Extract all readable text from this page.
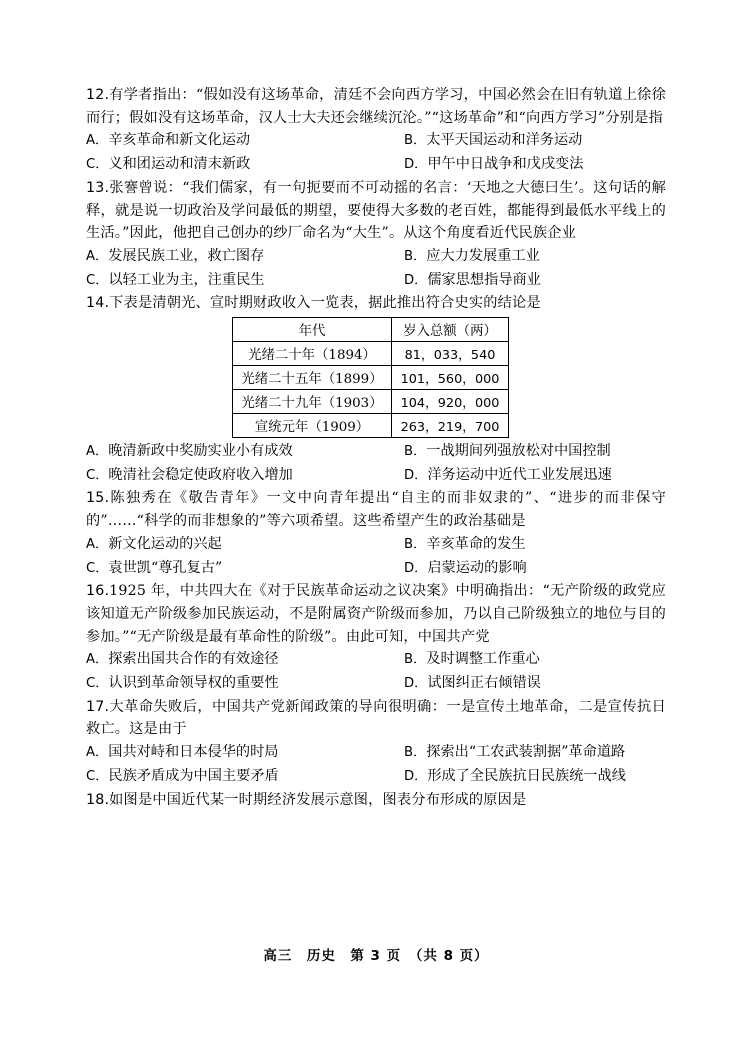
12.有学者指出：“假如没有这场革命，清廷不会向西方学习，中国必然会在旧有轨道上徐徐而行；假如没有这场革命，汉人士大夫还会继续沉沦。”“这场革命”和“向西方学习”分别是指

A．辛亥革命和新文化运动	B．太平天国运动和洋务运动
C．义和团运动和清末新政	D．甲午中日战争和戊戌变法

13.张謇曾说：“我们儒家，有一句扼要而不可动摇的名言：‘天地之大德曰生’。这句话的解释，就是说一切政治及学问最低的期望，要使得大多数的老百姓，都能得到最低水平线上的生活。”因此，他把自己创办的纱厂命名为“大生”。从这个角度看近代民族企业

A．发展民族工业，救亡图存	B．应大力发展重工业
C．以轻工业为主，注重民生	D．儒家思想指导商业

14.下表是清朝光、宣时期财政收入一览表，据此推出符合史实的结论是

年代	岁入总额（两）
光绪二十年（1894）	81，033，540
光绪二十五年（1899）	101，560，000
光绪二十九年（1903）	104，920，000
宣统元年（1909）	263，219，700
A．晚清新政中奖励实业小有成效	B．一战期间列强放松对中国控制
C．晚清社会稳定使政府收入增加	D．洋务运动中近代工业发展迅速

15.陈独秀在《敬告青年》一文中向青年提出“自主的而非奴隶的”、“进步的而非保守的”……“科学的而非想象的”等六项希望。这些希望产生的政治基础是

A．新文化运动的兴起	B．辛亥革命的发生
C．袁世凯“尊孔复古”	D．启蒙运动的影响

16.1925 年，中共四大在《对于民族革命运动之议决案》中明确指出：“无产阶级的政党应该知道无产阶级参加民族运动，不是附属资产阶级而参加，乃以自己阶级独立的地位与目的参加。”“无产阶级是最有革命性的阶级”。由此可知，中国共产党

A．探索出国共合作的有效途径	B．及时调整工作重心
C．认识到革命领导权的重要性	D．试图纠正右倾错误

17.大革命失败后，中国共产党新闻政策的导向很明确：一是宣传土地革命，二是宣传抗日救亡。这是由于

A．国共对峙和日本侵华的时局	B．探索出“工农武装割据”革命道路
C．民族矛盾成为中国主要矛盾	D．形成了全民族抗日民族统一战线

18.如图是中国近代某一时期经济发展示意图，图表分布形成的原因是

高三　历史　第 3 页　（共 8 页）
